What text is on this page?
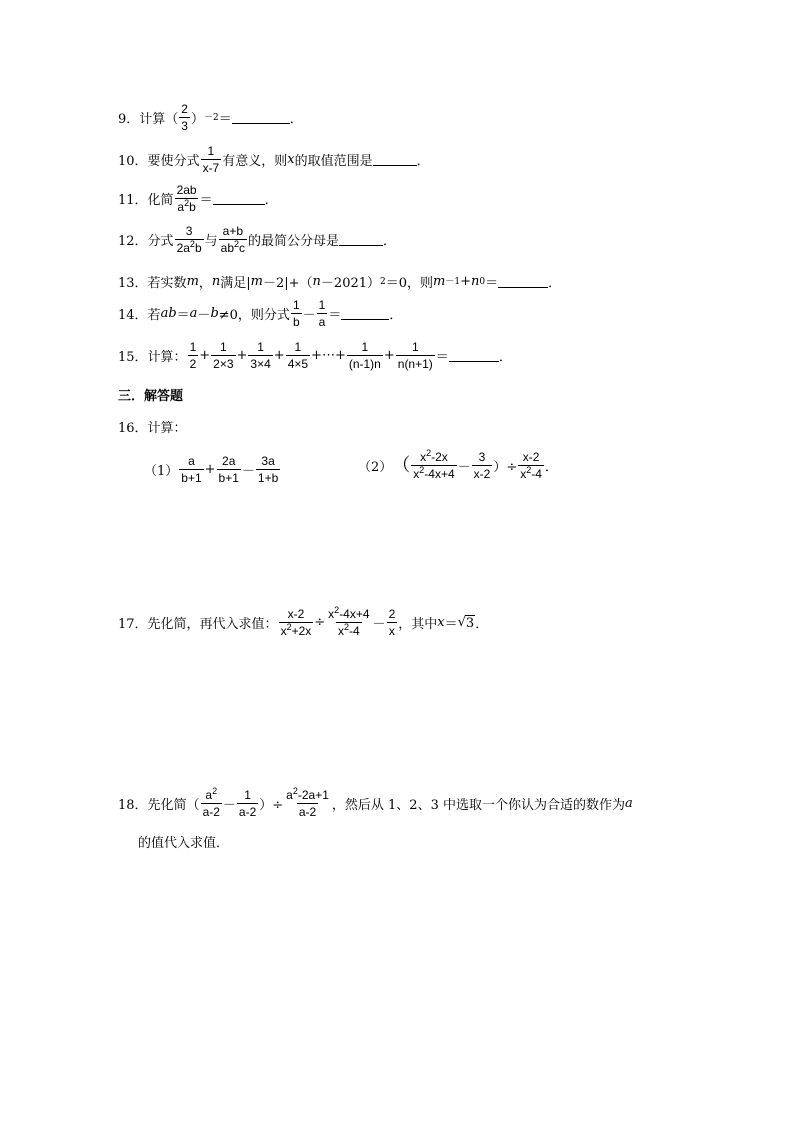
9． 计算（ $\frac{2}{3}$ ） －2 ＝	．
10． 要使分式 $\frac{1}{x-7}$ 有意义，则 x 的取值范围是	．
11． 化简 $\frac{2ab}{a^2b}$ ＝	．
12． 分式 $\frac{3}{2a^2b}$ 与 $\frac{a+b}{ab^2c}$ 的最简公分母是	．
13． 若实数 m ， n 满足| m －2|+（ n －2021） 2 ＝0，则 m －1 + n 0 ＝	．
14． 若 ab ＝ a － b ≠0，则分式 $\frac{1}{b} - \frac{1}{a}$ ＝	．
15． 计算： $\frac{1}{2} + \frac{1}{2\times 3} + \frac{1}{3\times 4} + \frac{1}{4\times 5}$ +⋯+ $\frac{1}{(n-1)n} + \frac{1}{n(n+1)}$ ＝	．
三．解答题
16． 计算：
$(1) \frac{a}{b+1} + \frac{2a}{b+1} - \frac{3a}{1+b}$	（2） （ $\frac{x^2-2x}{x^2-4x+4} - \frac{3}{x-2}$ ）÷ $\frac{x-2}{x^2-4}$ ．
17． 先化简，再代入求值： $\frac{x-2}{x^2+2x} \div \frac{x^2-4x+4}{x^2-4} - \frac{2}{x}$ ，其中 x ＝ √ 3 ．
18． 先化简（ $\frac{a^2}{a-2} - \frac{1}{a-2}$ ）÷ $\frac{a^2-2a+1}{a-2}$ ，然后从 1、2、3 中选取一个你认为合适的数作为 a
的值代入求值．
